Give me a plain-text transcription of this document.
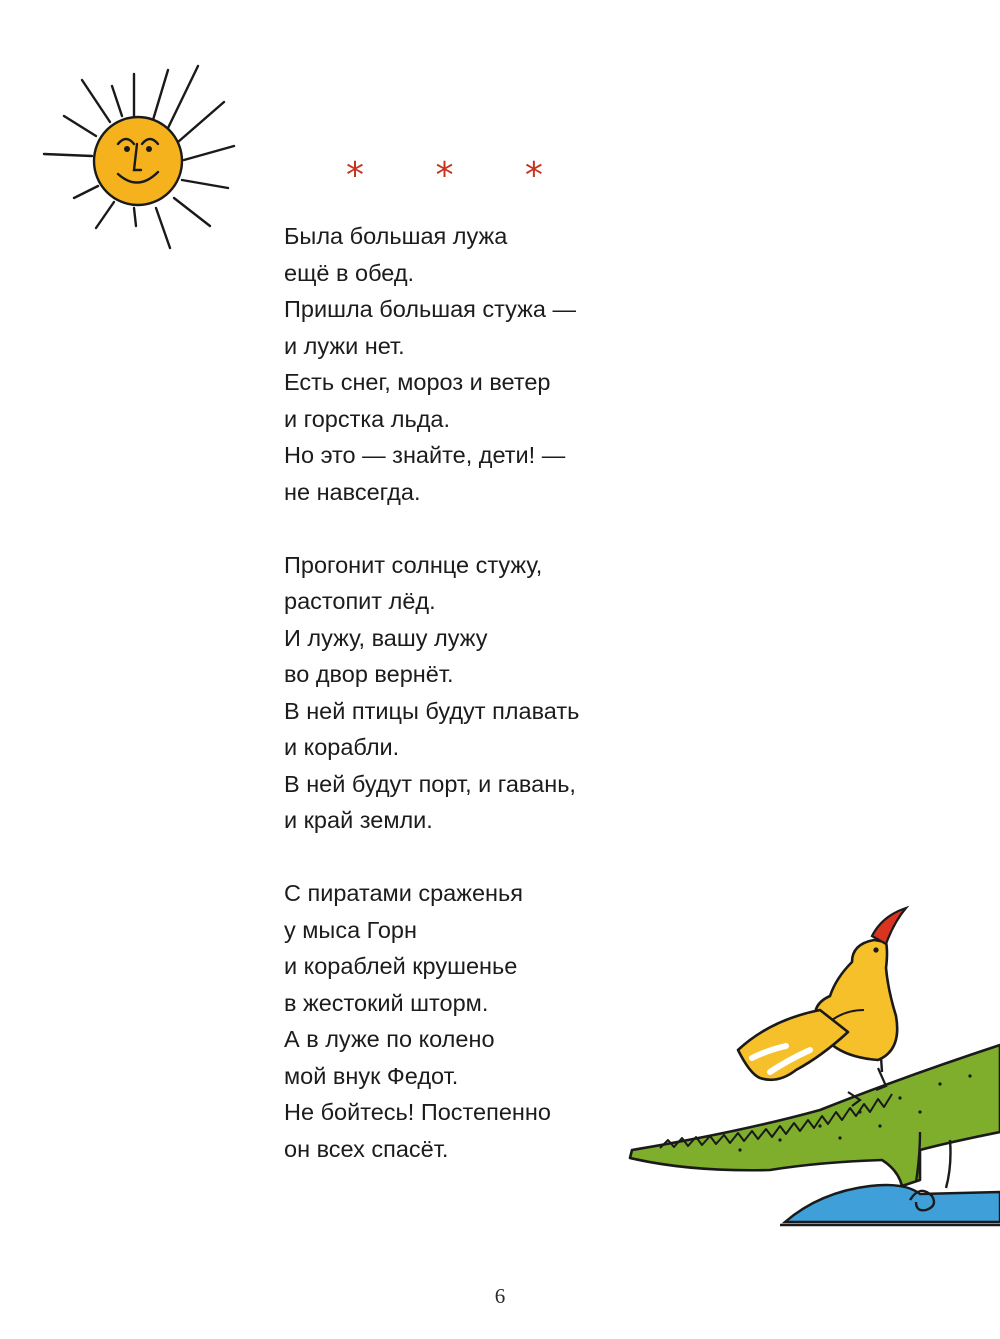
* * *
Была большая лужа
ещё в обед.
Пришла большая стужа —
и лужи нет.
Есть снег, мороз и ветер
и горстка льда.
Но это — знайте, дети! —
не навсегда.
Прогонит солнце стужу,
растопит лёд.
И лужу, вашу лужу
во двор вернёт.
В ней птицы будут плавать
и корабли.
В ней будут порт, и гавань,
и край земли.
С пиратами сраженья
у мыса Горн
и кораблей крушенье
в жестокий шторм.
А в луже по колено
мой внук Федот.
Не бойтесь! Постепенно
он всех спасёт.
6
